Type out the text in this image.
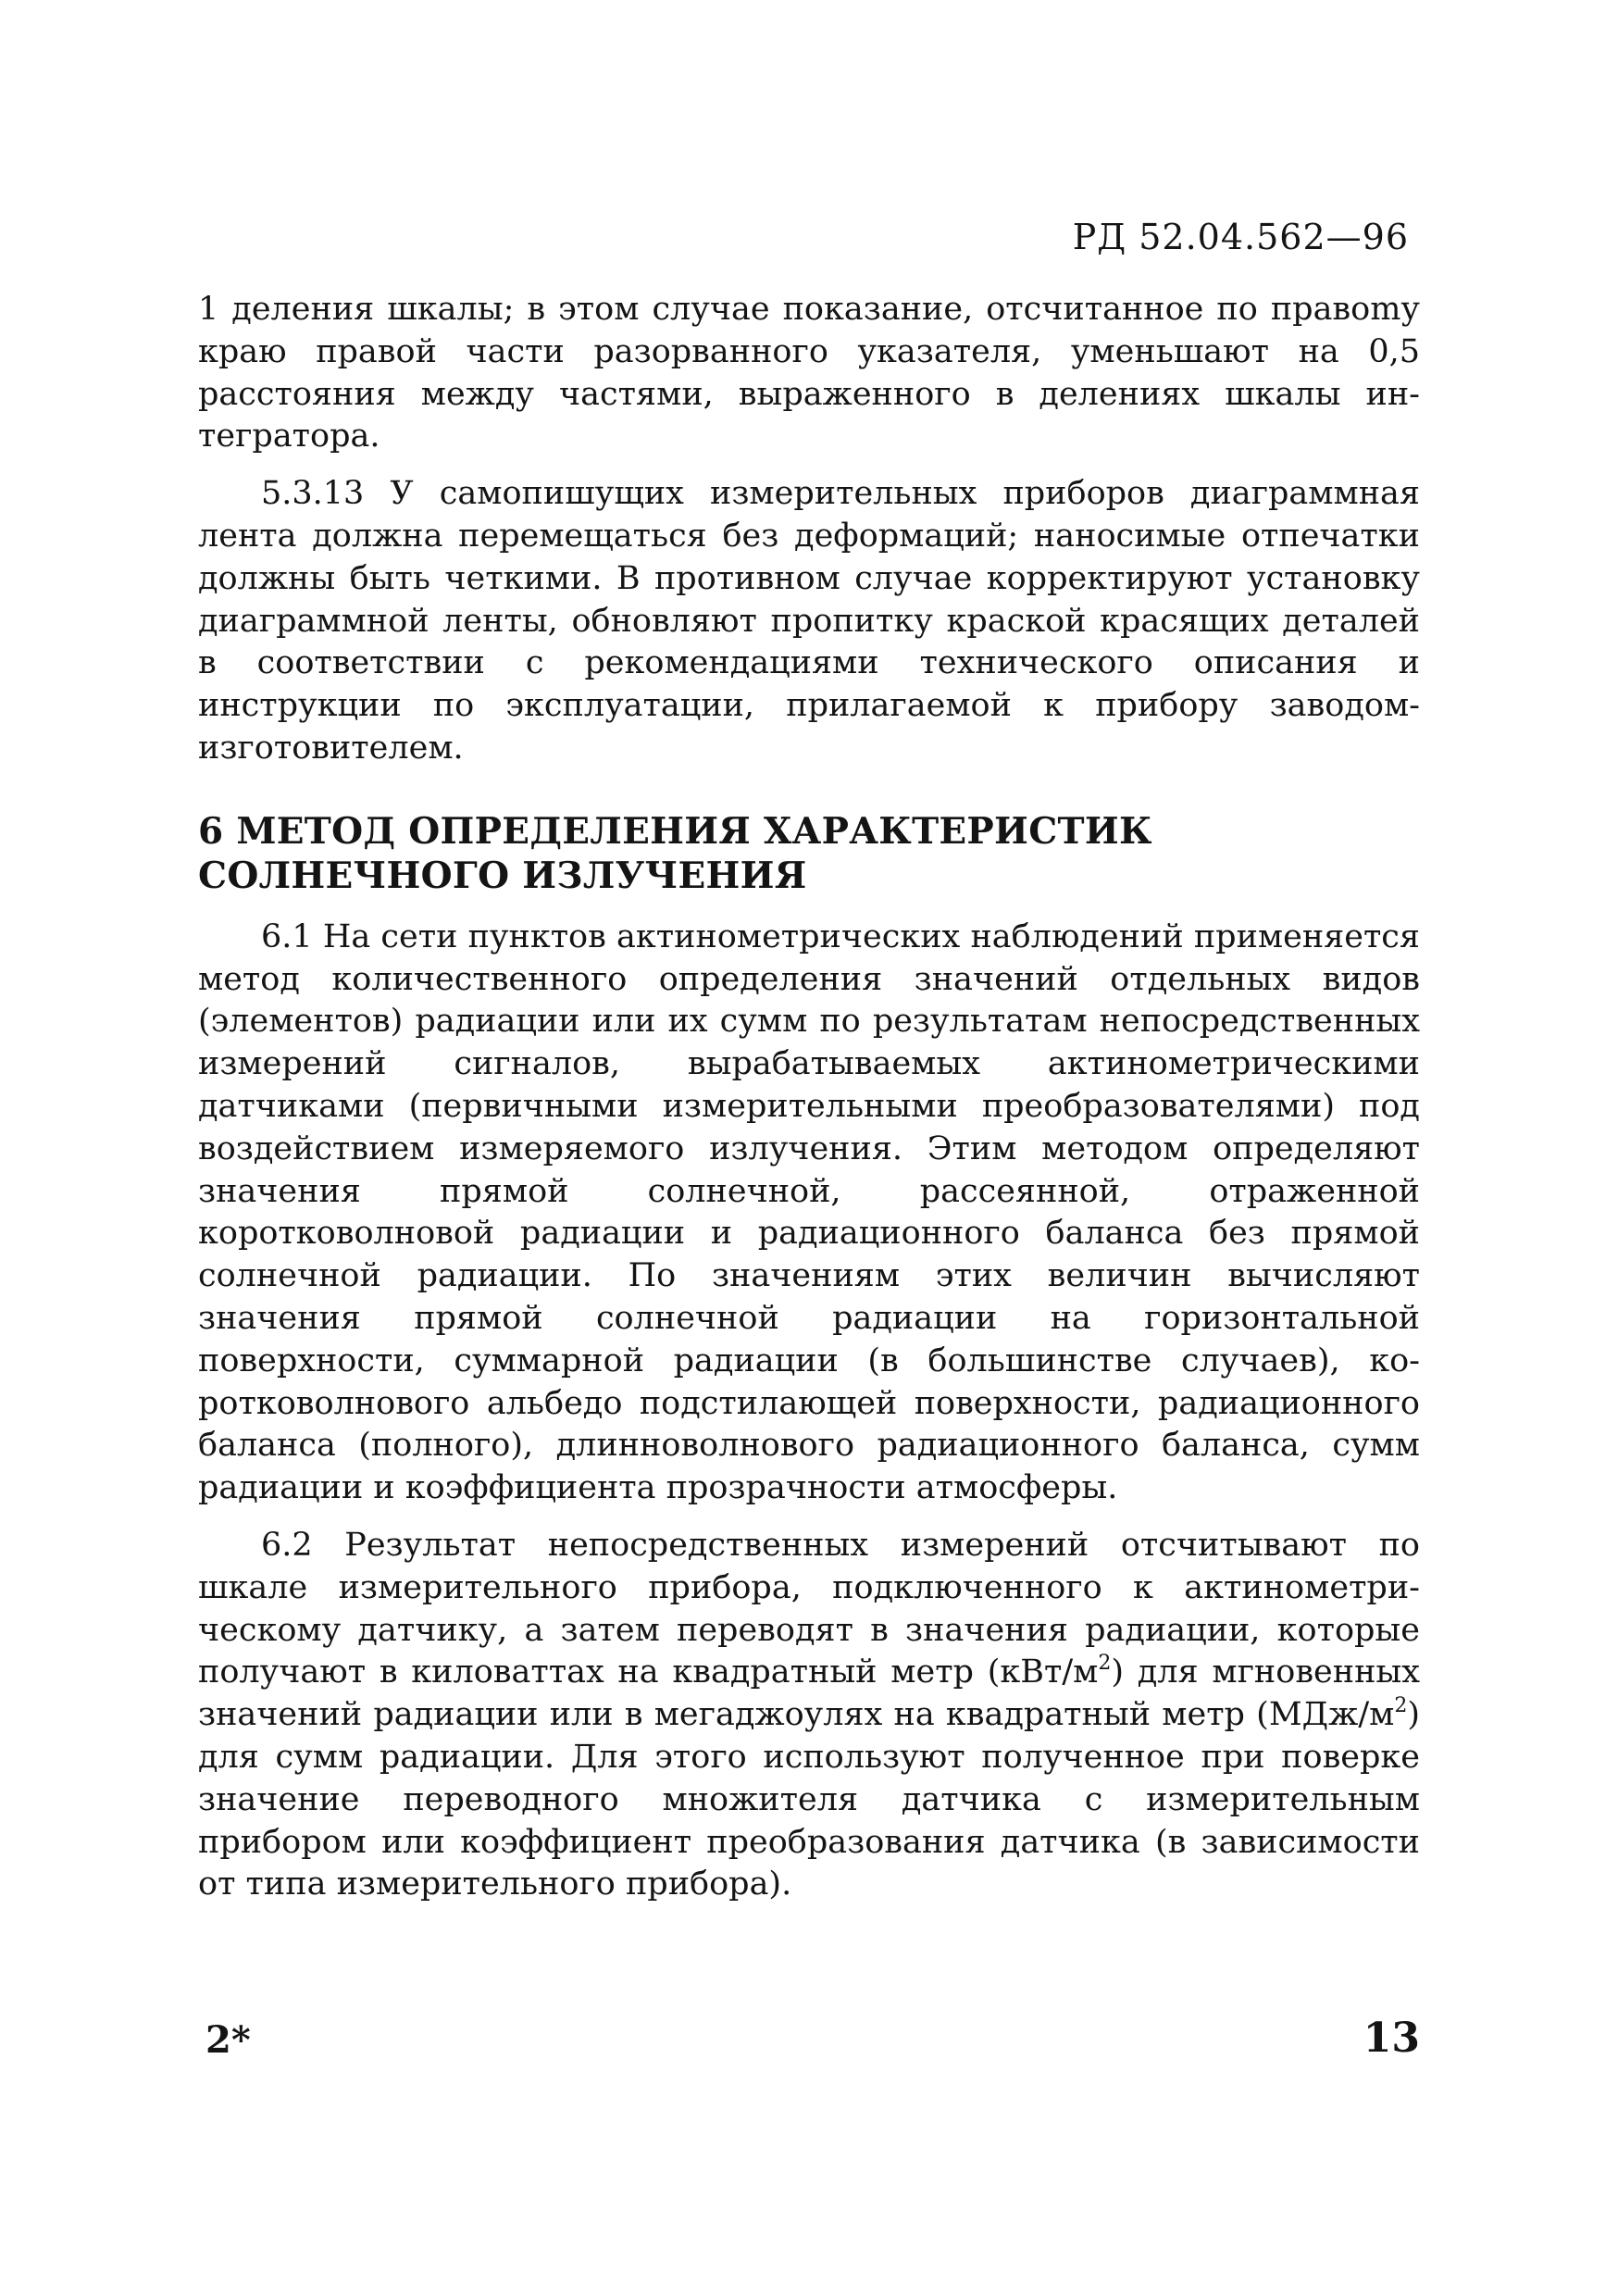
РД 52.04.562—96

1 деления шкалы; в этом случае показание, отсчитанное по правоmу краю правой части разорванного указателя, уменьшают на 0,5 расстояния между частями, выраженного в делениях шкалы интегратора.

5.3.13 У самопишущих измерительных приборов диаграммная лента должна перемещаться без деформаций; наносимые отпечатки должны быть четкими. В противном случае корректируют установку диаграммной ленты, обновляют пропитку краской красящих деталей в соответствии с рекомендациями технического описания и инструкции по эксплуатации, прилагаемой к прибору заводом-изготовителем.

6 МЕТОД ОПРЕДЕЛЕНИЯ ХАРАКТЕРИСТИК
СОЛНЕЧНОГО ИЗЛУЧЕНИЯ

6.1 На сети пунктов актинометрических наблюдений применяется метод количественного определения значений отдельных видов (элементов) радиации или их сумм по результатам непосредственных измерений сигналов, вырабатываемых актинометрическими датчиками (первичными измерительными преобразователями) под воздействием измеряемого излучения. Этим методом определяют значения прямой солнечной, рассеянной, отраженной коротковолновой радиации и радиационного баланса без прямой солнечной радиации. По значениям этих величин вычисляют значения прямой солнечной радиации на горизонтальной поверхности, суммарной радиации (в большинстве случаев), коротковолнового альбедо подстилающей поверхности, радиационного баланса (полного), длинноволнового радиационного баланса, сумм радиации и коэффициента прозрачности атмосферы.

6.2 Результат непосредственных измерений отсчитывают по шкале измерительного прибора, подключенного к актинометрическому датчику, а затем переводят в значения радиации, которые получают в киловаттах на квадратный метр $(кВт/м^2)$ для мгновенных значений радиации или в мегаджоулях на квадратный метр $(МДж/м^2)$ для сумм радиации. Для этого используют полученное при поверке значение переводного множителя датчика с измерительным прибором или коэффициент преобразования датчика (в зависимости от типа измерительного прибора).

2*	13
